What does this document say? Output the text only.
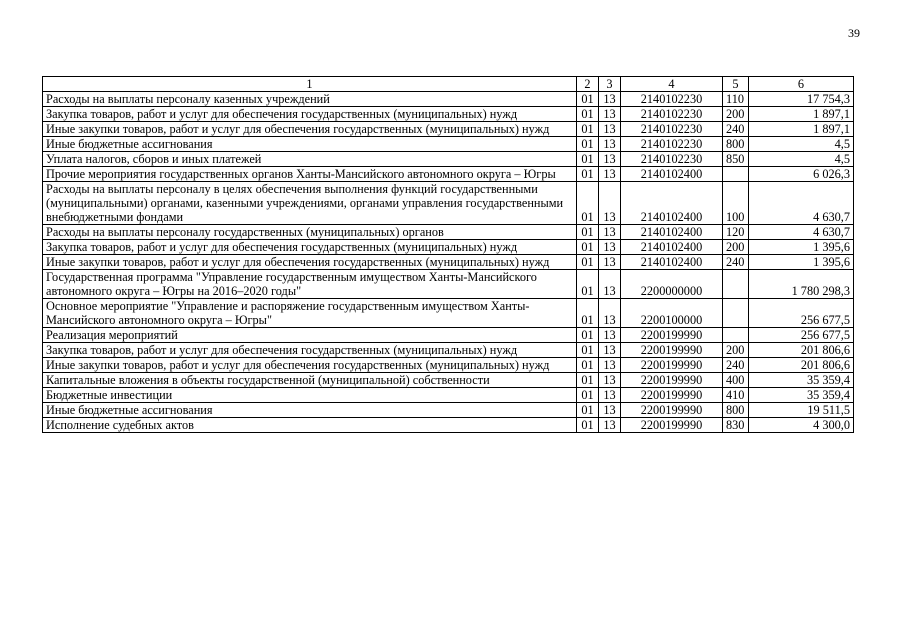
39
1	2	3	4	5	6
Расходы на выплаты персоналу казенных учреждений	01	13	2140102230	110	17 754,3
Закупка товаров, работ и услуг для обеспечения государственных (муниципальных) нужд	01	13	2140102230	200	1 897,1
Иные закупки товаров, работ и услуг для обеспечения государственных (муниципальных) нужд	01	13	2140102230	240	1 897,1
Иные бюджетные ассигнования	01	13	2140102230	800	4,5
Уплата налогов, сборов и иных платежей	01	13	2140102230	850	4,5
Прочие мероприятия государственных органов Ханты-Мансийского автономного округа – Югры	01	13	2140102400		6 026,3
Расходы на выплаты персоналу в целях обеспечения выполнения функций государственными (муниципальными) органами, казенными учреждениями, органами управления государственными внебюджетными фондами	01	13	2140102400	100	4 630,7
Расходы на выплаты персоналу государственных (муниципальных) органов	01	13	2140102400	120	4 630,7
Закупка товаров, работ и услуг для обеспечения государственных (муниципальных) нужд	01	13	2140102400	200	1 395,6
Иные закупки товаров, работ и услуг для обеспечения государственных (муниципальных) нужд	01	13	2140102400	240	1 395,6
Государственная программа "Управление государственным имуществом Ханты-Мансийского автономного округа – Югры на 2016–2020 годы"	01	13	2200000000		1 780 298,3
Основное мероприятие "Управление и распоряжение государственным имуществом Ханты-Мансийского автономного округа – Югры"	01	13	2200100000		256 677,5
Реализация мероприятий	01	13	2200199990		256 677,5
Закупка товаров, работ и услуг для обеспечения государственных (муниципальных) нужд	01	13	2200199990	200	201 806,6
Иные закупки товаров, работ и услуг для обеспечения государственных (муниципальных) нужд	01	13	2200199990	240	201 806,6
Капитальные вложения в объекты государственной (муниципальной) собственности	01	13	2200199990	400	35 359,4
Бюджетные инвестиции	01	13	2200199990	410	35 359,4
Иные бюджетные ассигнования	01	13	2200199990	800	19 511,5
Исполнение судебных актов	01	13	2200199990	830	4 300,0
